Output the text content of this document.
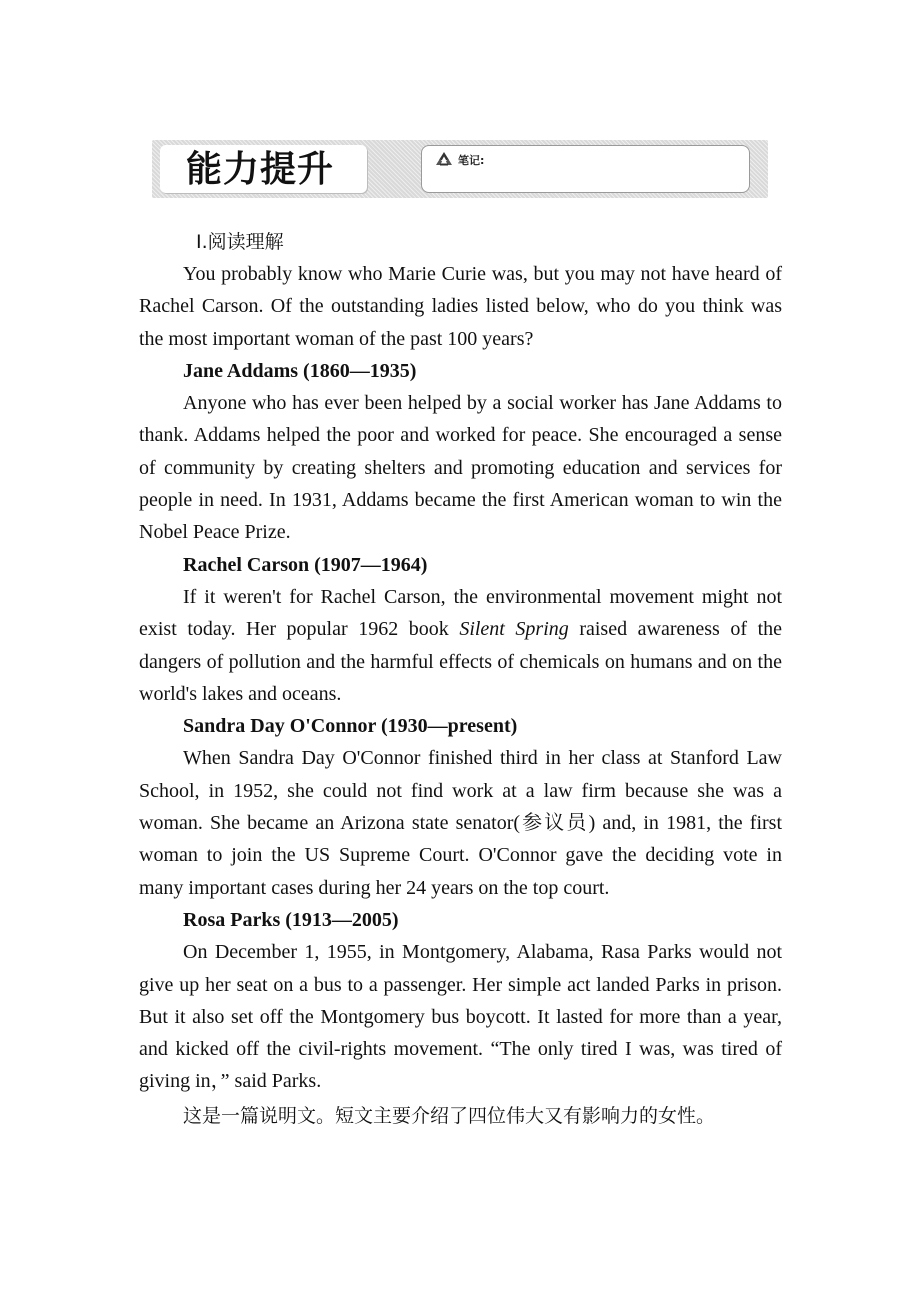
能力提升	笔记:

Ⅰ.阅读理解

You probably know who Marie Curie was, but you may not have heard of Rachel Carson. Of the outstanding ladies listed below, who do you think was the most important woman of the past 100 years?

Jane Addams (1860—1935)

Anyone who has ever been helped by a social worker has Jane Addams to thank. Addams helped the poor and worked for peace. She encouraged a sense of community by creating shelters and promoting education and services for people in need. In 1931, Addams became the first American woman to win the Nobel Peace Prize.

Rachel Carson (1907—1964)

If it weren't for Rachel Carson, the environmental movement might not exist today. Her popular 1962 book Silent Spring raised awareness of the dangers of pollution and the harmful effects of chemicals on humans and on the world's lakes and oceans.

Sandra Day O'Connor (1930—present)

When Sandra Day O'Connor finished third in her class at Stanford Law School, in 1952, she could not find work at a law firm because she was a woman. She became an Arizona state senator(参议员) and, in 1981, the first woman to join the US Supreme Court. O'Connor gave the deciding vote in many important cases during her 24 years on the top court.

Rosa Parks (1913—2005)

On December 1, 1955, in Montgomery, Alabama, Rasa Parks would not give up her seat on a bus to a passenger. Her simple act landed Parks in prison. But it also set off the Montgomery bus boycott. It lasted for more than a year, and kicked off the civil-rights movement. “The only tired I was, was tired of giving in，” said Parks.

这是一篇说明文。短文主要介绍了四位伟大又有影响力的女性。
